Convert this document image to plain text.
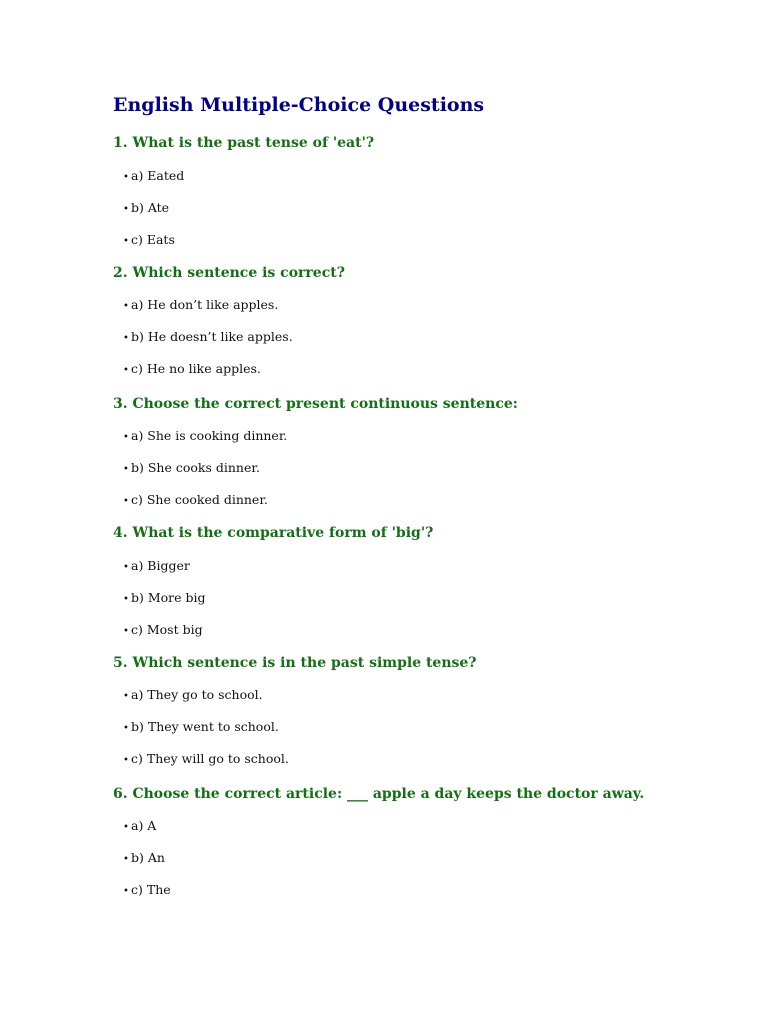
English Multiple-Choice Questions

1. What is the past tense of 'eat'?

• a) Eated

• b) Ate

• c) Eats

2. Which sentence is correct?

• a) He don’t like apples.

• b) He doesn’t like apples.

• c) He no like apples.

3. Choose the correct present continuous sentence:

• a) She is cooking dinner.

• b) She cooks dinner.

• c) She cooked dinner.

4. What is the comparative form of 'big'?

• a) Bigger

• b) More big

• c) Most big

5. Which sentence is in the past simple tense?

• a) They go to school.

• b) They went to school.

• c) They will go to school.

6. Choose the correct article: ___ apple a day keeps the doctor away.

• a) A

• b) An

• c) The
